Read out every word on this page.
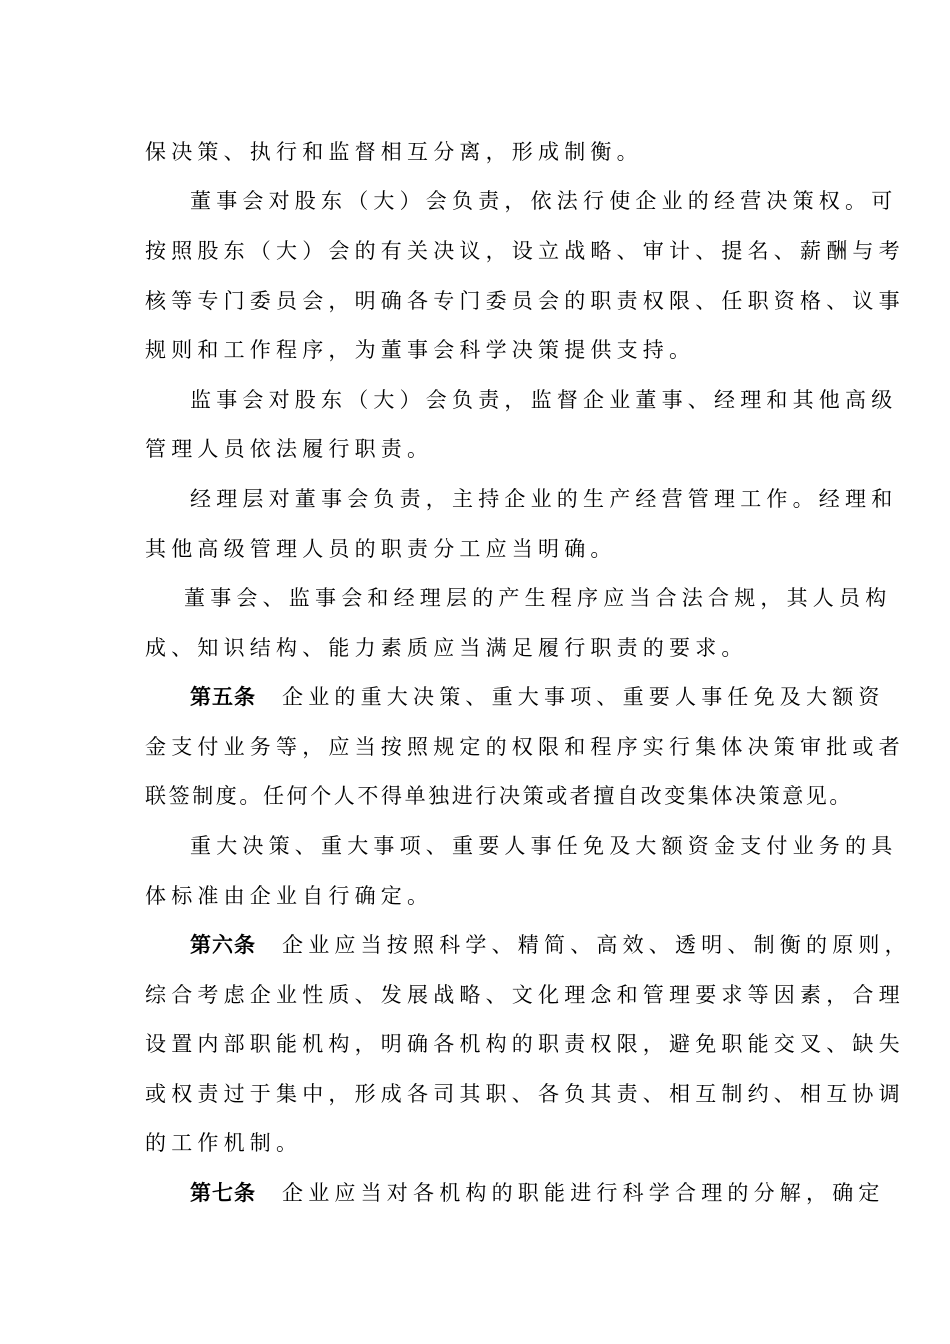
保决策、执行和监督相互分离，形成制衡。
董事会对股东（大）会负责，依法行使企业的经营决策权。可
按照股东（大）会的有关决议，设立战略、审计、提名、薪酬与考
核等专门委员会，明确各专门委员会的职责权限、任职资格、议事
规则和工作程序，为董事会科学决策提供支持。
监事会对股东（大）会负责，监督企业董事、经理和其他高级
管理人员依法履行职责。
经理层对董事会负责，主持企业的生产经营管理工作。经理和
其他高级管理人员的职责分工应当明确。
董事会、监事会和经理层的产生程序应当合法合规，其人员构
成、知识结构、能力素质应当满足履行职责的要求。
第五条 企业的重大决策、重大事项、重要人事任免及大额资
金支付业务等，应当按照规定的权限和程序实行集体决策审批或者
联签制度。任何个人不得单独进行决策或者擅自改变集体决策意见。
重大决策、重大事项、重要人事任免及大额资金支付业务的具
体标准由企业自行确定。
第六条 企业应当按照科学、精简、高效、透明、制衡的原则，
综合考虑企业性质、发展战略、文化理念和管理要求等因素，合理
设置内部职能机构，明确各机构的职责权限，避免职能交叉、缺失
或权责过于集中，形成各司其职、各负其责、相互制约、相互协调
的工作机制。
第七条 企业应当对各机构的职能进行科学合理的分解，确定
